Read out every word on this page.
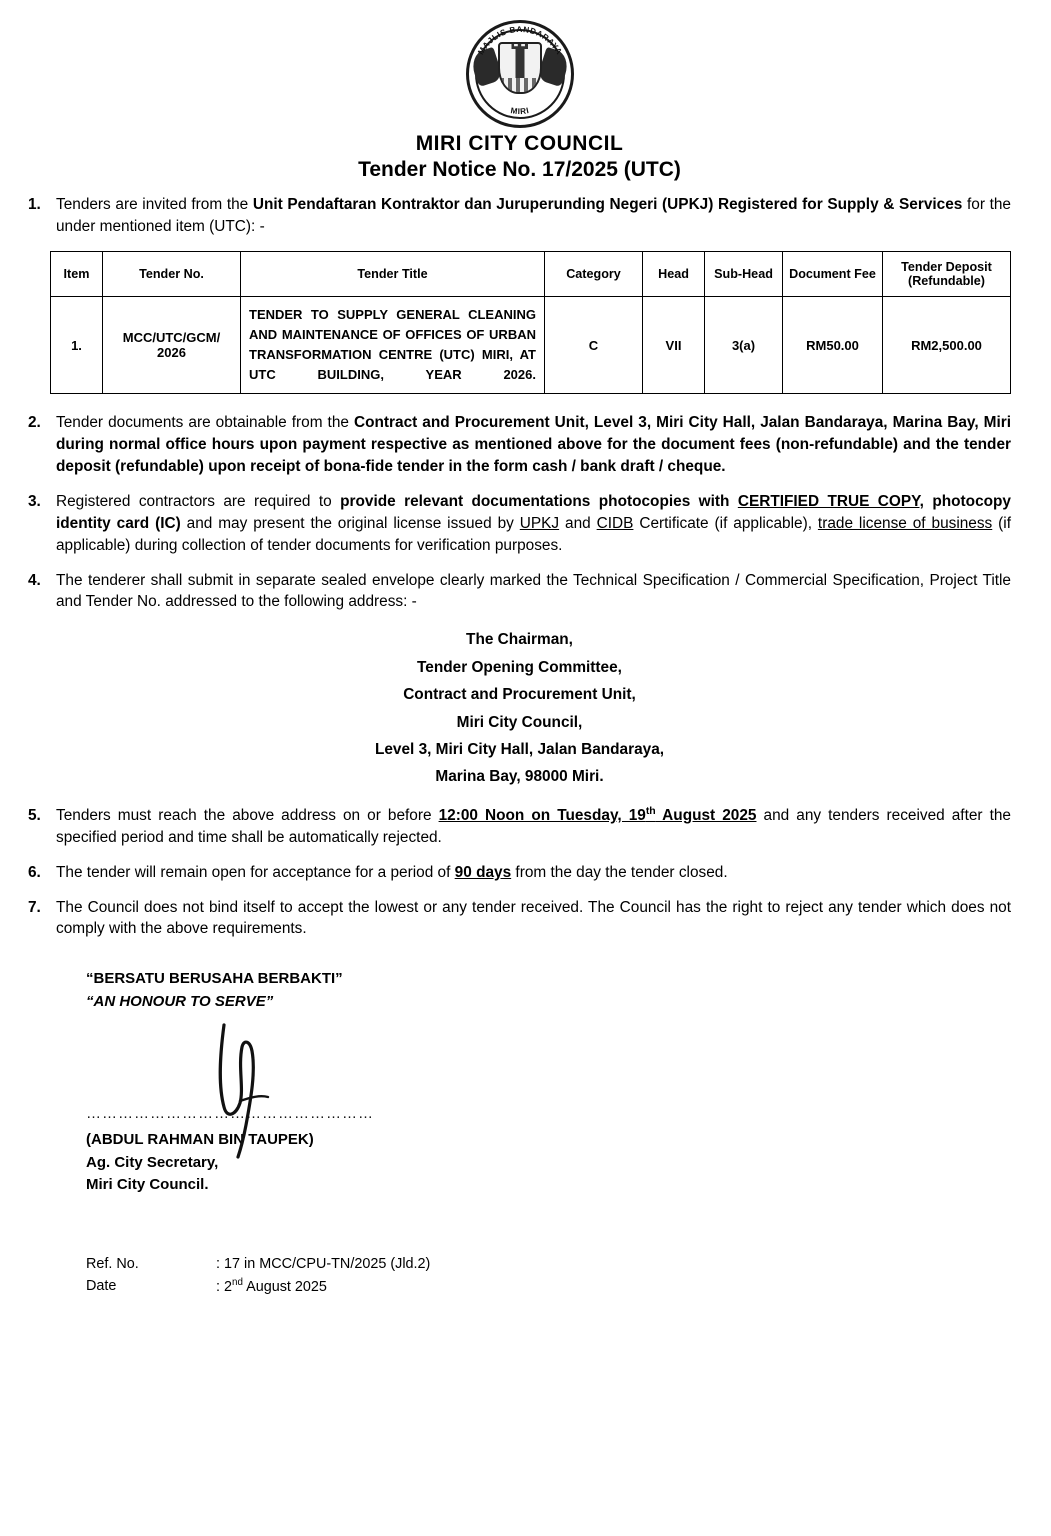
MAJLIS BANDARAYA
MIRI
MIRI CITY COUNCIL
Tender Notice No. 17/2025 (UTC)
1. Tenders are invited from the Unit Pendaftaran Kontraktor dan Juruperunding Negeri (UPKJ) Registered for Supply & Services for the under mentioned item (UTC): -
Item	Tender No.	Tender Title	Category	Head	Sub-Head	Document Fee	Tender Deposit (Refundable)
1.	MCC/UTC/GCM/ 2026	TENDER TO SUPPLY GENERAL CLEANING AND MAINTENANCE OF OFFICES OF URBAN TRANSFORMATION CENTRE (UTC) MIRI, AT UTC BUILDING, YEAR 2026.	C	VII	3(a)	RM50.00	RM2,500.00
2. Tender documents are obtainable from the Contract and Procurement Unit, Level 3, Miri City Hall, Jalan Bandaraya, Marina Bay, Miri during normal office hours upon payment respective as mentioned above for the document fees (non-refundable) and the tender deposit (refundable) upon receipt of bona-fide tender in the form cash / bank draft / cheque.
3. Registered contractors are required to provide relevant documentations photocopies with CERTIFIED TRUE COPY, photocopy identity card (IC) and may present the original license issued by UPKJ and CIDB Certificate (if applicable), trade license of business (if applicable) during collection of tender documents for verification purposes.
4. The tenderer shall submit in separate sealed envelope clearly marked the Technical Specification / Commercial Specification, Project Title and Tender No. addressed to the following address: -
The Chairman,
Tender Opening Committee,
Contract and Procurement Unit,
Miri City Council,
Level 3, Miri City Hall, Jalan Bandaraya,
Marina Bay, 98000 Miri.
5. Tenders must reach the above address on or before 12:00 Noon on Tuesday, 19th August 2025 and any tenders received after the specified period and time shall be automatically rejected.
6. The tender will remain open for acceptance for a period of 90 days from the day the tender closed.
7. The Council does not bind itself to accept the lowest or any tender received. The Council has the right to reject any tender which does not comply with the above requirements.
“BERSATU BERUSAHA BERBAKTI”
“AN HONOUR TO SERVE”
………………………………………………
(ABDUL RAHMAN BIN TAUPEK)
Ag. City Secretary,
Miri City Council.
Ref. No.	: 17 in MCC/CPU-TN/2025 (Jld.2)
Date	: 2nd August 2025
